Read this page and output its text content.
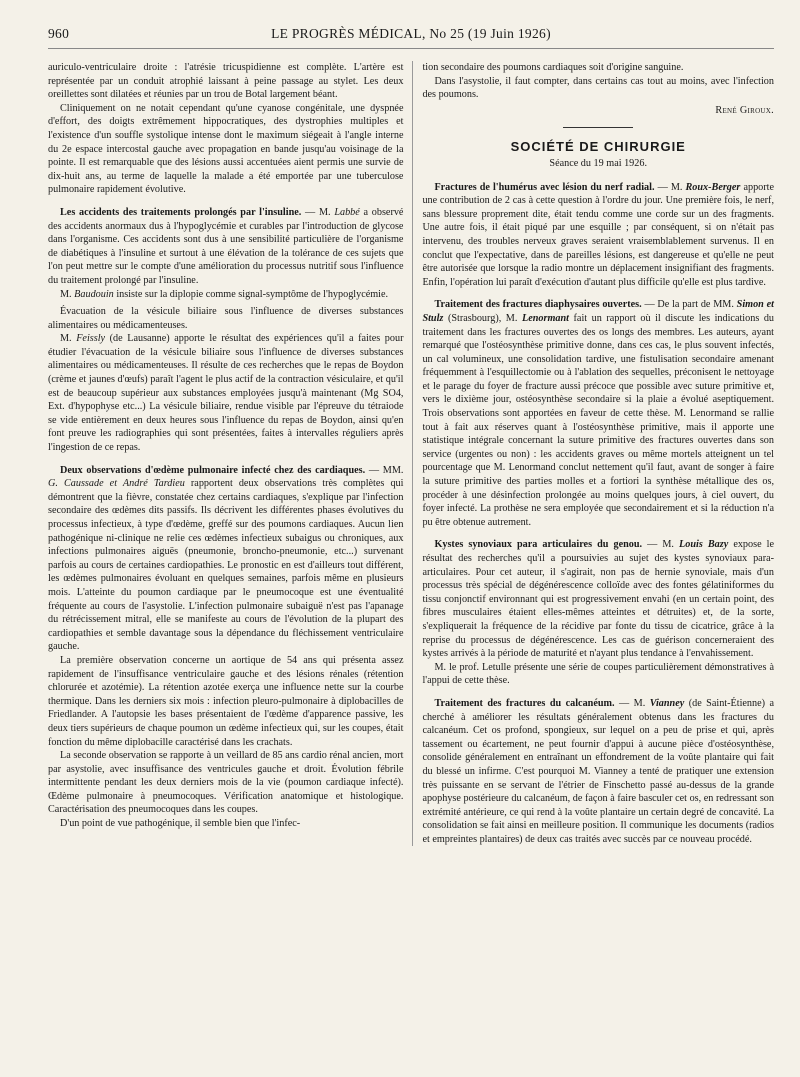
960	LE PROGRÈS MÉDICAL, No 25 (19 Juin 1926)

auriculo-ventriculaire droite : l'atrésie tricuspidienne est complète. L'artère est représentée par un conduit atrophié laissant à peine passage au stylet. Les deux oreillettes sont dilatées et réunies par un trou de Botal largement béant.

Cliniquement on ne notait cependant qu'une cyanose congénitale, une dyspnée d'effort, des doigts extrêmement hippocratiques, des dystrophies multiples et l'existence d'un souffle systolique intense dont le maximum siégeait à l'angle interne du 2e espace intercostal gauche avec propagation en bande jusqu'au voisinage de la pointe. Il est remarquable que des lésions aussi accentuées aient permis une survie de dix-huit ans, au terme de laquelle la malade a été emportée par une tuberculose pulmonaire rapidement évolutive.

Les accidents des traitements prolongés par l'insuline. — M. Labbé a observé des accidents anormaux dus à l'hypoglycémie et curables par l'introduction de glycose dans l'organisme. Ces accidents sont dus à une sensibilité particulière de l'organisme de diabétiques à l'insuline et surtout à une élévation de la tolérance de ces sujets que l'on peut mettre sur le compte d'une amélioration du processus nutritif sous l'influence du traitement prolongé par l'insuline.

M. Baudouin insiste sur la diplopie comme signal-symptôme de l'hypoglycémie.

Évacuation de la vésicule biliaire sous l'influence de diverses substances alimentaires ou médicamenteuses.

M. Feissly (de Lausanne) apporte le résultat des expériences qu'il a faites pour étudier l'évacuation de la vésicule biliaire sous l'influence de diverses substances alimentaires ou médicamenteuses. Il résulte de ces recherches que le repas de Boydon (crème et jaunes d'œufs) paraît l'agent le plus actif de la contraction vésiculaire, et qu'il est de beaucoup supérieur aux substances employées jusqu'à maintenant (Mg SO4, Ext. d'hypophyse etc...) La vésicule biliaire, rendue visible par l'épreuve du tétraiode se vide entièrement en deux heures sous l'influence du repas de Boydon, ainsi qu'en font preuve les radiographies qui sont présentées, faites à intervalles réguliers après l'ingestion de ce repas.

Deux observations d'œdème pulmonaire infecté chez des cardiaques. — MM. G. Caussade et André Tardieu rapportent deux observations très complètes qui démontrent que la fièvre, constatée chez certains cardiaques, s'explique par l'infection secondaire des œdèmes dits passifs. Ils décrivent les différentes phases évolutives du processus infectieux, à type d'œdème, greffé sur des poumons cardiaques. Aucun lien pathogénique ni-clinique ne relie ces œdèmes infectieux subaigus ou chroniques, aux infections pulmonaires aiguës (pneumonie, broncho-pneumonie, etc...) survenant parfois au cours de certaines cardiopathies. Le pronostic en est d'ailleurs tout différent, les œdèmes pulmonaires évoluant en quelques semaines, parfois même en plusieurs mois. L'atteinte du poumon cardiaque par le pneumocoque est une éventualité fréquente au cours de l'asystolie. L'infection pulmonaire subaiguë n'est pas l'apanage du rétrécissement mitral, elle se manifeste au cours de l'évolution de la plupart des cardiopathies et semble davantage sous la dépendance du fléchissement ventriculaire gauche.

La première observation concerne un aortique de 54 ans qui présenta assez rapidement de l'insuffisance ventriculaire gauche et des lésions rénales (rétention chlorurée et azotémie). La rétention azotée exerça une influence nette sur la courbe thermique. Dans les derniers six mois : infection pleuro-pulmonaire à diplobacilles de Friedlander. A l'autopsie les bases présentaient de l'œdème d'apparence passive, les deux tiers supérieurs de chaque poumon un œdème infectieux qui, sur les coupes, était fonction du même diplobacille caractérisé dans les crachats.

La seconde observation se rapporte à un veillard de 85 ans cardio rénal ancien, mort par asystolie, avec insuffisance des ventricules gauche et droit. Évolution fébrile intermittente pendant les deux derniers mois de la vie (poumon cardiaque infecté). Œdème pulmonaire à pneumocoques. Vérification anatomique et histologique. Caractérisation des pneumocoques dans les coupes.

D'un point de vue pathogénique, il semble bien que l'infec-

tion secondaire des poumons cardiaques soit d'origine sanguine.

Dans l'asystolie, il faut compter, dans certains cas tout au moins, avec l'infection des poumons.

René Giroux.

SOCIÉTÉ DE CHIRURGIE
Séance du 19 mai 1926.

Fractures de l'humérus avec lésion du nerf radial. — M. Roux-Berger apporte une contribution de 2 cas à cette question à l'ordre du jour. Une première fois, le nerf, sans blessure proprement dite, était tendu comme une corde sur un des fragments. Une autre fois, il était piqué par une esquille ; par conséquent, si on n'était pas intervenu, des troubles nerveux graves seraient vraisemblablement survenus. Il en conclut que l'expectative, dans de pareilles lésions, est dangereuse et qu'elle ne peut être autorisée que lorsque la radio montre un déplacement insignifiant des fragments. Enfin, l'opération lui paraît d'exécution d'autant plus difficile qu'elle est plus tardive.

Traitement des fractures diaphysaires ouvertes. — De la part de MM. Simon et Stulz (Strasbourg), M. Lenormant fait un rapport où il discute les indications du traitement dans les fractures ouvertes des os longs des membres. Les auteurs, ayant remarqué que l'ostéosynthèse primitive donne, dans ces cas, le plus souvent infectés, un cal volumineux, une consolidation tardive, une fistulisation secondaire amenant fréquemment à l'esquillectomie ou à l'ablation des sequelles, préconisent le nettoyage et le parage du foyer de fracture aussi précoce que possible avec suture primitive et, vers le dixième jour, ostéosynthèse secondaire si la plaie a évolué aseptiquement. Trois observations sont apportées en faveur de cette thèse. M. Lenormand se rallie tout à fait aux réserves quant à l'ostéosynthèse primitive, mais il apporte une statistique intégrale concernant la suture primitive des fractures ouvertes dans son service (urgentes ou non) : les accidents graves ou même mortels atteignent un tel pourcentage que M. Lenormand conclut nettement qu'il faut, avant de songer à faire la suture primitive des parties molles et a fortiori la synthèse métallique des os, procéder à une désinfection prolongée au moins quelques jours, à ciel ouvert, du foyer infecté. La prothèse ne sera employée que secondairement et si la réduction n'a pu être obtenue autrement.

Kystes synoviaux para articulaires du genou. — M. Louis Bazy expose le résultat des recherches qu'il a poursuivies au sujet des kystes synoviaux para-articulaires. Pour cet auteur, il s'agirait, non pas de hernie synoviale, mais d'un processus très spécial de dégénérescence colloïde avec des fontes gélatiniformes du tissu conjonctif environnant qui est progressivement envahi (en un certain point, des fibres musculaires étaient elles-mêmes atteintes et détruites) et, de la sorte, s'expliquerait la fréquence de la récidive par fonte du tissu de cicatrice, grâce à la reprise du processus de dégénérescence. Les cas de guérison concerneraient des kystes arrivés à la période de maturité et n'ayant plus tendance à l'envahissement.

M. le prof. Letulle présente une série de coupes particulièrement démonstratives à l'appui de cette thèse.

Traitement des fractures du calcanéum. — M. Vianney (de Saint-Étienne) a cherché à améliorer les résultats généralement obtenus dans les fractures du calcanéum. Cet os profond, spongieux, sur lequel on a peu de prise et qui, après tassement ou écartement, ne peut fournir d'appui à aucune pièce d'ostéosynthèse, consolide généralement en entraînant un effondrement de la voûte plantaire qui fait du blessé un infirme. C'est pourquoi M. Vianney a tenté de pratiquer une extension très puissante en se servant de l'étrier de Finschetto passé au-dessus de la grande apophyse postérieure du calcanéum, de façon à faire basculer cet os, en redressant son extrémité antérieure, ce qui rend à la voûte plantaire un certain degré de concavité. La consolidation se fait ainsi en meilleure position. Il communique les documents (radios et empreintes plantaires) de deux cas traités avec succès par ce nouveau procédé.
